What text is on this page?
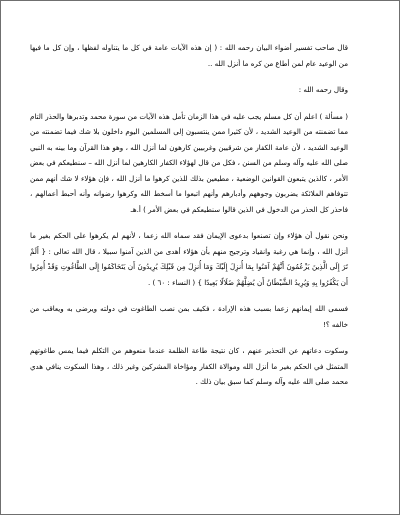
قال صاحب تفسير أضواء البيان رحمه الله : ( إن هذه الآيات عامة في كل ما يتناوله لفظها ، وإن كل ما فيها من الوعيد عام لمن أطاع من كره ما أنزل الله ..

وقال رحمه الله :

( مسألة ) اعلم أن كل مسلم يجب عليه في هذا الزمان تأمل هذه الآيات من سورة محمد وتدبرها والحذر التام مما تضمنته من الوعيد الشديد ، لأن كثيرا ممن ينتسبون إلى المسلمين اليوم داخلون بلا شك فيما تضمنته من الوعيد الشديد ، لأن عامة الكفار من شرقيين وغربيين كارهون لما أنزل الله ، وهو هذا القرآن وما بينه به النبي صلى الله عليه وآله وسلم من السنن ، فكل من قال لهؤلاء الكفار الكارهين لما أنزل الله – سنطيعكم في بعض الأمر ، كالذين يتبعون القوانين الوضعية ، مطيعين بذلك للذين كرهوا ما أنزل الله ، فإن هؤلاء لا شك أنهم ممن تتوفاهم الملائكة يضربون وجوههم وأدبارهم وأنهم اتبعوا ما أسخط الله وكرهوا رضوانه وأنه أحبط أعمالهم ، فاحذر كل الحذر من الدخول في الذين قالوا سنطيعكم في بعض الأمر ) أ.هـ

ونحن نقول أن هؤلاء وإن تصنعوا بدعوى الإيمان فقد سماه الله زعما ، لأنهم لم يكرهوا على الحكم بغير ما أنزل الله ، وإنما هي رغبة وانقياد وترجيح منهم بأن هؤلاء أهدى من الذين آمنوا سبيلا ، قال الله تعالى : { أَلَمْ تَرَ إِلَى الَّذِينَ يَزْعُمُونَ أَنَّهُمْ آمَنُوا بِمَا أُنزِلَ إِلَيْكَ وَمَا أُنزِلَ مِن قَبْلِكَ يُرِيدُونَ أَن يَتَحَاكَمُوا إِلَى الطَّاغُوتِ وَقَدْ أُمِرُوا أَن يَكْفُرُوا بِهِ وَيُرِيدُ الشَّيْطَانُ أَن يُضِلَّهُمْ ضَلَالًا بَعِيدًا } ( النساء : ٦٠ ) .

فسمى الله إيمانهم زعما بسبب هذه الإرادة ، فكيف بمن نصب الطاغوت في دولته ويرضى به ويعاقب من خالفه ؟!

وسكوت دعاتهم عن التحذير عنهم ، كان نتيجة طاعة الظلمة عندما منعوهم من التكلم فيما يمس طاغوتهم المتمثل في الحكم بغير ما أنزل الله وموالاة الكفار ومؤاخاة المشركين وغير ذلك ، وهذا السكوت ينافي هدي محمد صلى الله عليه وآله وسلم كما سبق بيان ذلك .
